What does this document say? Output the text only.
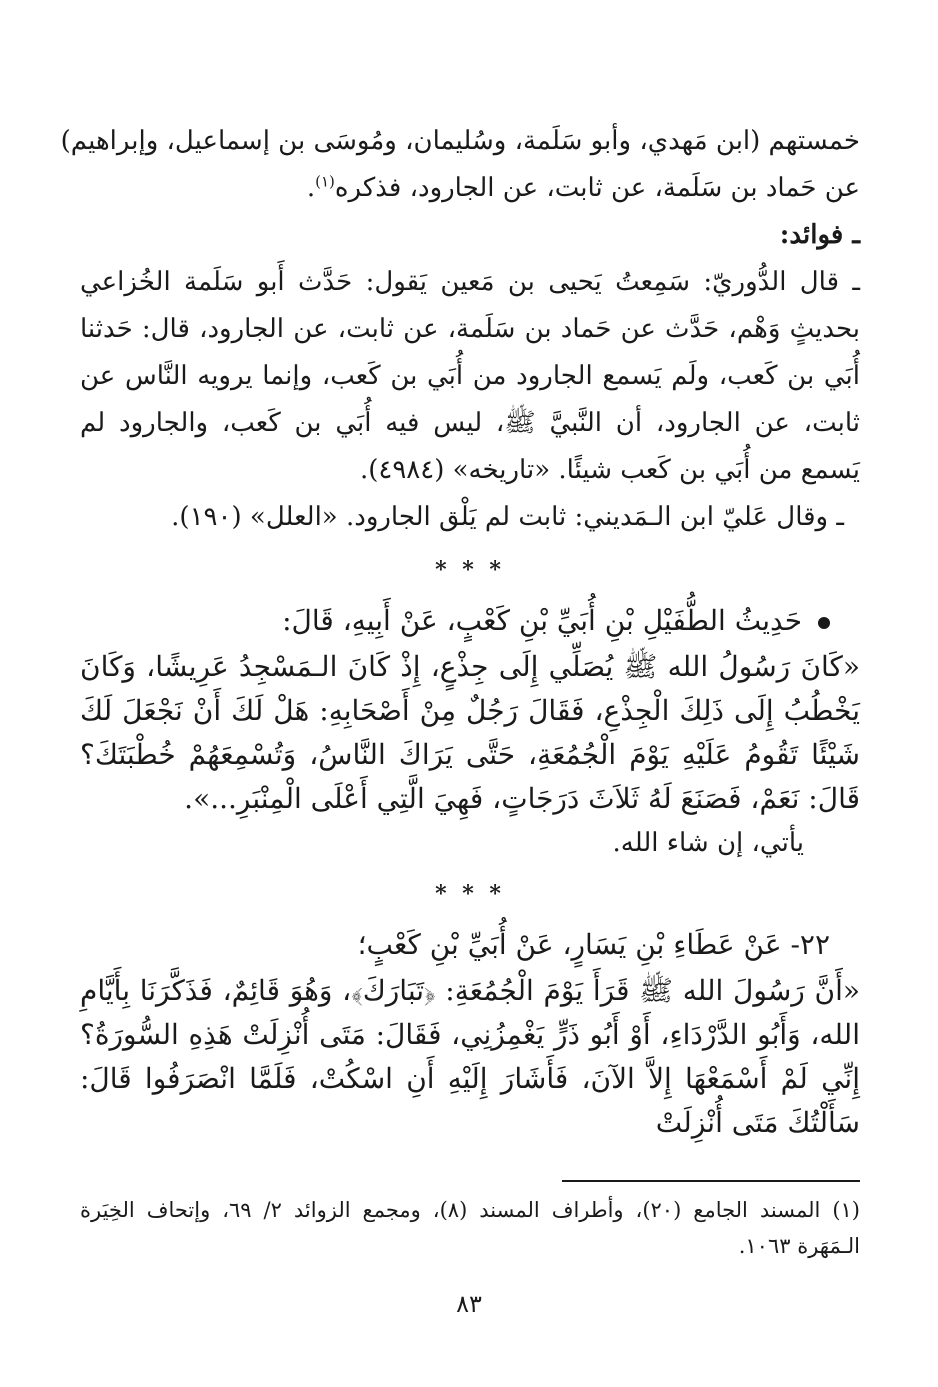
خمستهم (ابن مَهدي، وأبو سَلَمة، وسُليمان، ومُوسَى بن إسماعيل، وإبراهيم)

عن حَماد بن سَلَمة، عن ثابت، عن الجارود، فذكره$^{(١)}$.

ـ فوائد:

ـ قال الدُّوريّ: سَمِعتُ يَحيى بن مَعين يَقول: حَدَّث أَبو سَلَمة الخُزاعي بحديثٍ وَهْم، حَدَّث عن حَماد بن سَلَمة، عن ثابت، عن الجارود، قال: حَدثنا أُبَي بن كَعب، ولَم يَسمع الجارود من أُبَي بن كَعب، وإنما يرويه النَّاس عن ثابت، عن الجارود، أن النَّبيَّ ﷺ، ليس فيه أُبَي بن كَعب، والجارود لم يَسمع من أُبَي بن كَعب شيئًا. «تاريخه» (٤٩٨٤).

ـ وقال عَليّ ابن الـمَديني: ثابت لم يَلْق الجارود. «العلل» (١٩٠).

* * *

حَدِيثُ الطُّفَيْلِ بْنِ أُبَيِّ بْنِ كَعْبٍ، عَنْ أَبِيهِ، قَالَ:

«كَانَ رَسُولُ الله ﷺ يُصَلِّي إِلَى جِذْعٍ، إِذْ كَانَ الـمَسْجِدُ عَرِيشًا، وَكَانَ يَخْطُبُ إِلَى ذَلِكَ الْجِذْعِ، فَقَالَ رَجُلٌ مِنْ أَصْحَابِهِ: هَلْ لَكَ أَنْ نَجْعَلَ لَكَ شَيْئًا تَقُومُ عَلَيْهِ يَوْمَ الْجُمُعَةِ، حَتَّى يَرَاكَ النَّاسُ، وَتُسْمِعَهُمْ خُطْبَتَكَ؟ قَالَ: نَعَمْ، فَصَنَعَ لَهُ ثَلاَثَ دَرَجَاتٍ، فَهِيَ الَّتِي أَعْلَى الْمِنْبَرِ...».

يأتي، إن شاء الله.

* * *

٢٢- عَنْ عَطَاءِ بْنِ يَسَارٍ، عَنْ أُبَيِّ بْنِ كَعْبٍ؛

«أَنَّ رَسُولَ الله ﷺ قَرَأَ يَوْمَ الْجُمُعَةِ: ﴿تَبَارَكَ﴾، وَهُوَ قَائِمٌ، فَذَكَّرَنَا بِأَيَّامِ الله، وَأَبُو الدَّرْدَاءِ، أَوْ أَبُو ذَرٍّ يَغْمِزُنِي، فَقَالَ: مَتَى أُنْزِلَتْ هَذِهِ السُّورَةُ؟ إِنِّي لَمْ أَسْمَعْهَا إِلاَّ الآنَ، فَأَشَارَ إِلَيْهِ أَنِ اسْكُتْ، فَلَمَّا انْصَرَفُوا قَالَ: سَأَلْتُكَ مَتَى أُنْزِلَتْ

(١) المسند الجامع (٢٠)، وأطراف المسند (٨)، ومجمع الزوائد ٢/ ٦٩، وإتحاف الخِيَرة الـمَهَرة ١٠٦٣.
٨٣
